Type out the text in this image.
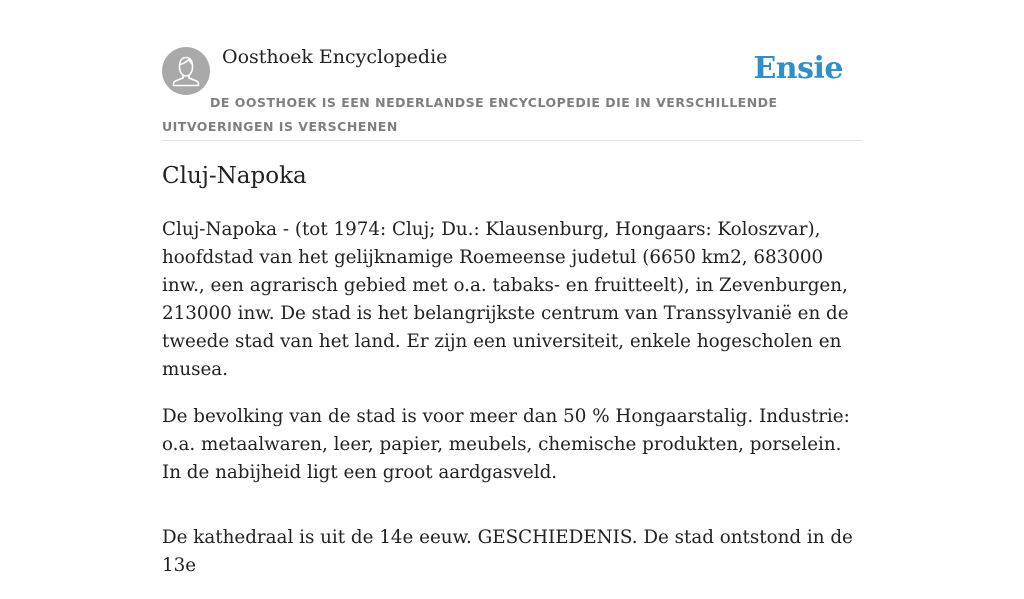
Oosthoek Encyclopedie	Ensie
DE OOSTHOEK IS EEN NEDERLANDSE ENCYCLOPEDIE DIE IN VERSCHILLENDE UITVOERINGEN IS VERSCHENEN
Cluj-Napoka

Cluj-Napoka - (tot 1974: Cluj; Du.: Klausenburg, Hongaars: Koloszvar), hoofdstad van het gelijknamige Roemeense judetul (6650 km2, 683000 inw., een agrarisch gebied met o.a. tabaks- en fruitteelt), in Zevenburgen, 213000 inw. De stad is het belangrijkste centrum van Transsylvanië en de tweede stad van het land. Er zijn een universiteit, enkele hogescholen en musea.

De bevolking van de stad is voor meer dan 50 % Hongaarstalig. Industrie: o.a. metaalwaren, leer, papier, meubels, chemische produkten, porselein. In de nabijheid ligt een groot aardgasveld.

De kathedraal is uit de 14e eeuw. GESCHIEDENIS. De stad ontstond in de 13e
